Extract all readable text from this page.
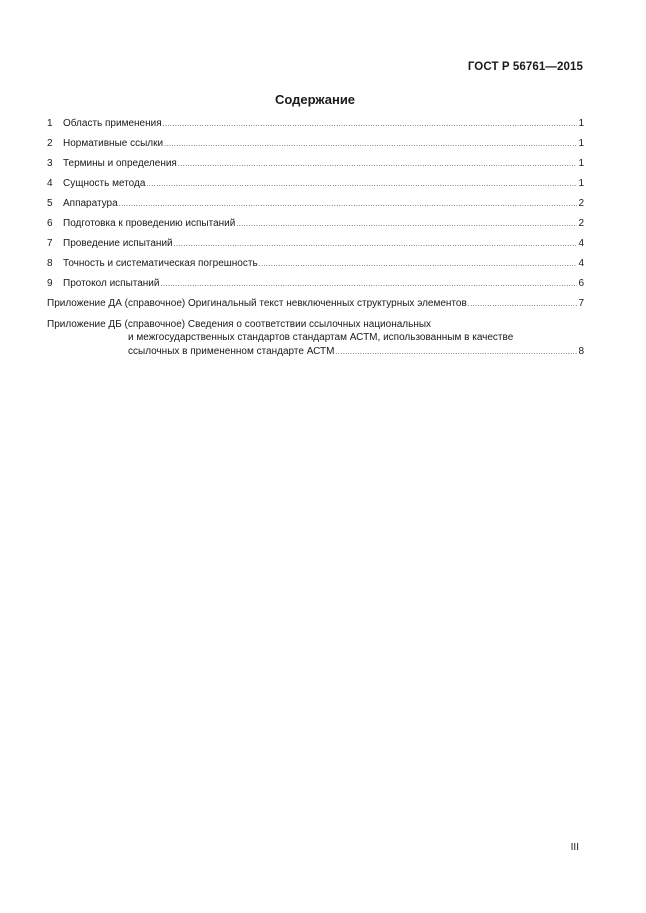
ГОСТ Р 56761—2015
Содержание
1	Область применения .....	1
2	Нормативные ссылки .....	1
3	Термины и определения .....	1
4	Сущность метода .....	1
5	Аппаратура .....	2
6	Подготовка к проведению испытаний .....	2
7	Проведение испытаний .....	4
8	Точность и систематическая погрешность .....	4
9	Протокол испытаний .....	6
Приложение ДА (справочное) Оригинальный текст невключенных структурных элементов .....	7
Приложение ДБ (справочное) Сведения о соответствии ссылочных национальных
и межгосударственных стандартов стандартам АСТМ, использованным в качестве
ссылочных в примененном стандарте АСТМ .....	8
III
